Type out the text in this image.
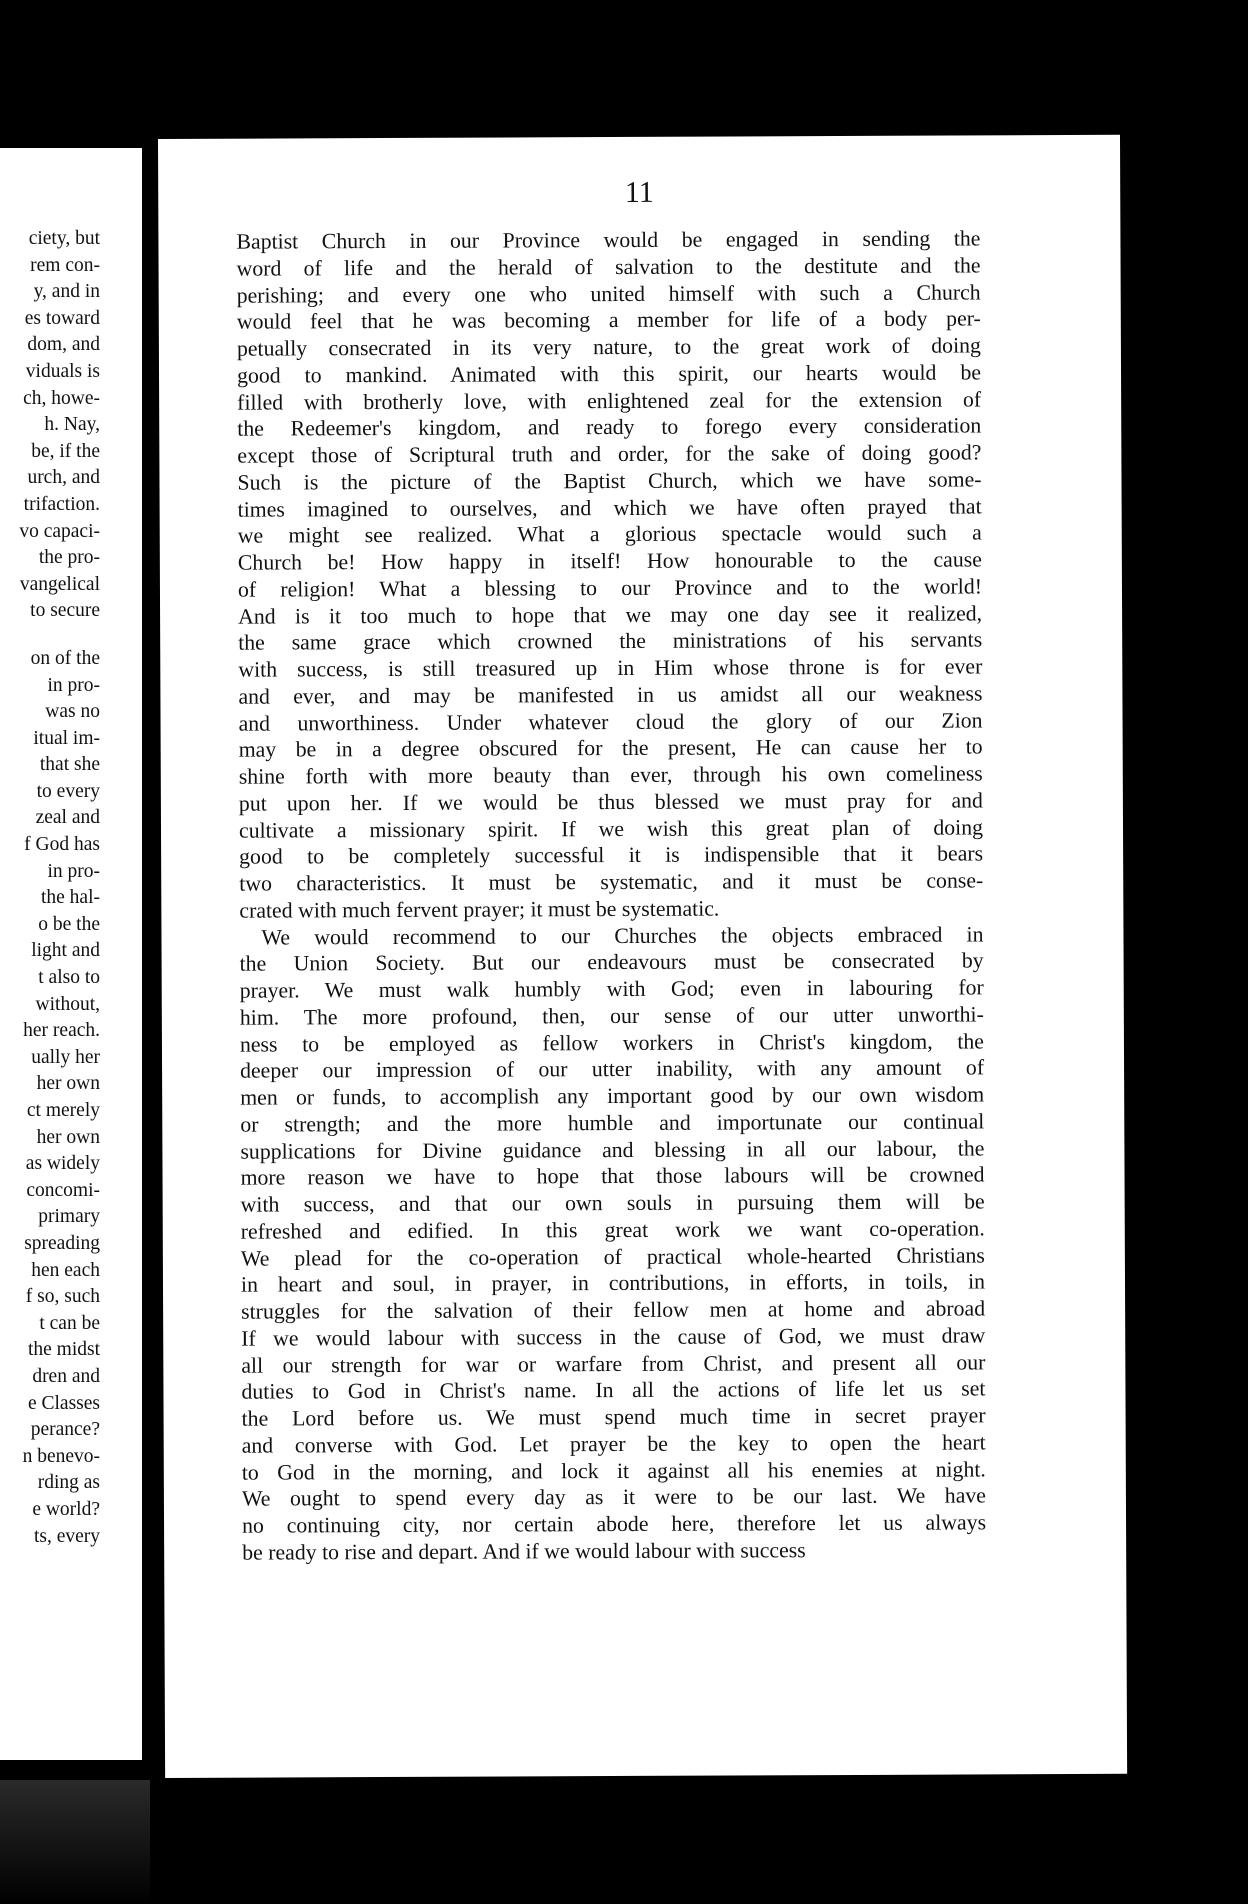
ciety, but
rem con-
y, and in
es toward
dom, and
viduals is
ch, howe-
h. Nay,
be, if the
urch, and
trifaction.
vo capaci-
the pro-
vangelical
to secure
on of the
in pro-
was no
itual im-
that she
to every
zeal and
f God has
in pro-
the hal-
o be the
light and
t also to
without,
her reach.
ually her
her own
ct merely
her own
as widely
concomi-
primary
spreading
hen each
f so, such
t can be
the midst
dren and
e Classes
perance?
n benevo-
rding as
e world?
ts, every
11
Baptist Church in our Province would be engaged in sending the
word of life and the herald of salvation to the destitute and the
perishing; and every one who united himself with such a Church
would feel that he was becoming a member for life of a body per-
petually consecrated in its very nature, to the great work of doing
good to mankind. Animated with this spirit, our hearts would be
filled with brotherly love, with enlightened zeal for the extension of
the Redeemer's kingdom, and ready to forego every consideration
except those of Scriptural truth and order, for the sake of doing good?
Such is the picture of the Baptist Church, which we have some-
times imagined to ourselves, and which we have often prayed that
we might see realized. What a glorious spectacle would such a
Church be! How happy in itself! How honourable to the cause
of religion! What a blessing to our Province and to the world!
And is it too much to hope that we may one day see it realized,
the same grace which crowned the ministrations of his servants
with success, is still treasured up in Him whose throne is for ever
and ever, and may be manifested in us amidst all our weakness
and unworthiness. Under whatever cloud the glory of our Zion
may be in a degree obscured for the present, He can cause her to
shine forth with more beauty than ever, through his own comeliness
put upon her. If we would be thus blessed we must pray for and
cultivate a missionary spirit. If we wish this great plan of doing
good to be completely successful it is indispensible that it bears
two characteristics. It must be systematic, and it must be conse-
crated with much fervent prayer; it must be systematic.
We would recommend to our Churches the objects embraced in
the Union Society. But our endeavours must be consecrated by
prayer. We must walk humbly with God; even in labouring for
him. The more profound, then, our sense of our utter unworthi-
ness to be employed as fellow workers in Christ's kingdom, the
deeper our impression of our utter inability, with any amount of
men or funds, to accomplish any important good by our own wisdom
or strength; and the more humble and importunate our continual
supplications for Divine guidance and blessing in all our labour, the
more reason we have to hope that those labours will be crowned
with success, and that our own souls in pursuing them will be
refreshed and edified. In this great work we want co-operation.
We plead for the co-operation of practical whole-hearted Christians
in heart and soul, in prayer, in contributions, in efforts, in toils, in
struggles for the salvation of their fellow men at home and abroad
If we would labour with success in the cause of God, we must draw
all our strength for war or warfare from Christ, and present all our
duties to God in Christ's name. In all the actions of life let us set
the Lord before us. We must spend much time in secret prayer
and converse with God. Let prayer be the key to open the heart
to God in the morning, and lock it against all his enemies at night.
We ought to spend every day as it were to be our last. We have
no continuing city, nor certain abode here, therefore let us always
be ready to rise and depart. And if we would labour with success
